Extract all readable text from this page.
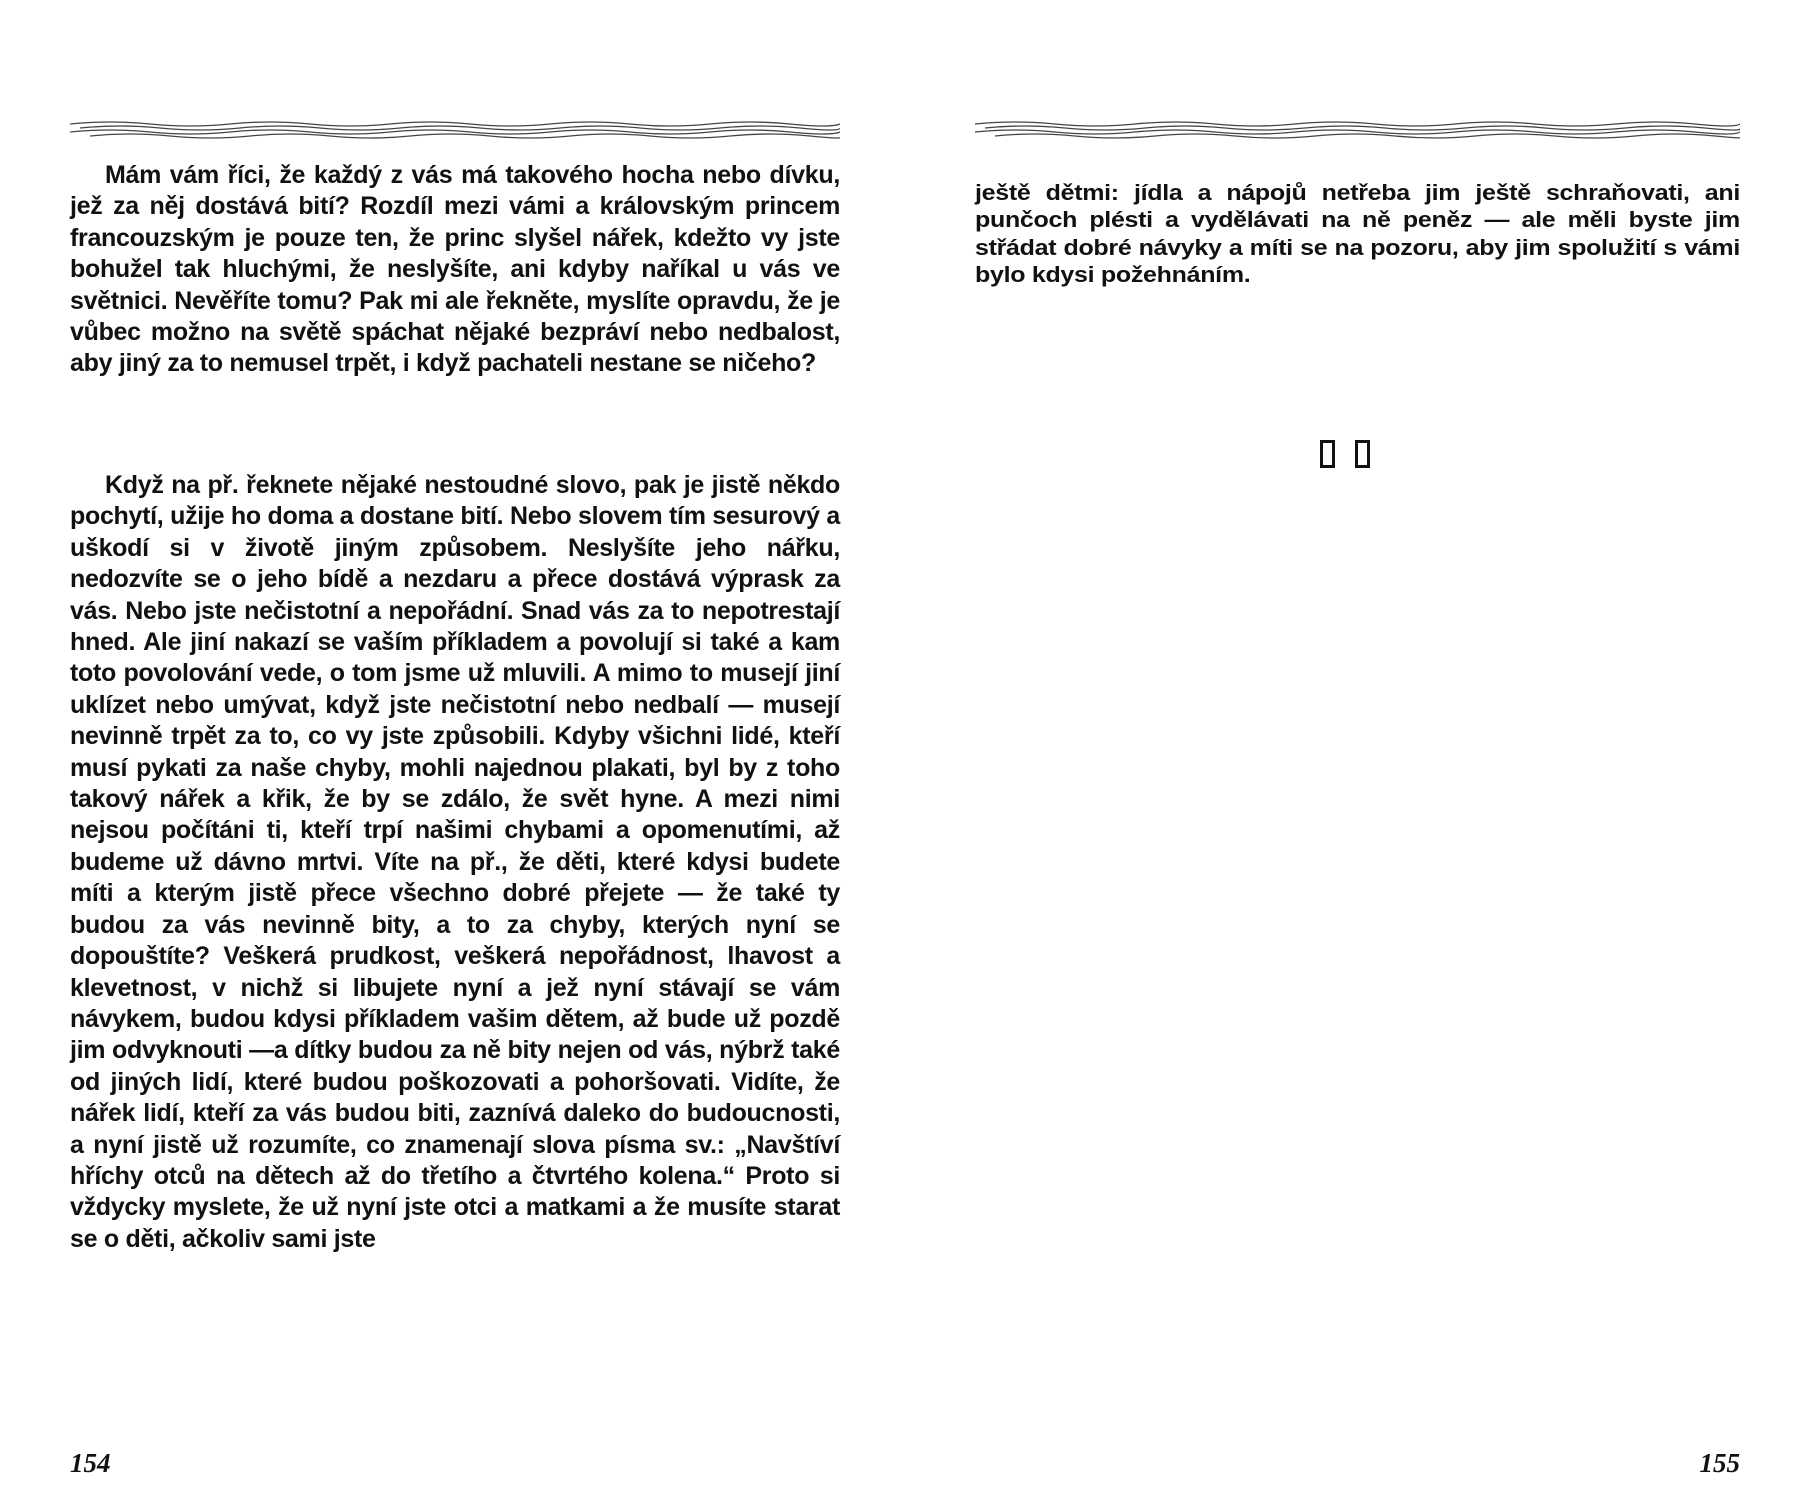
Mám vám říci, že každý z vás má takového hocha nebo dívku, jež za něj dostává bití? Rozdíl mezi vámi a královským princem francouzským je pouze ten, že princ slyšel nářek, kdežto vy jste bohužel tak hluchými, že neslyšíte, ani kdyby naříkal u vás ve světnici. Nevěříte tomu? Pak mi ale řekněte, myslíte opravdu, že je vůbec možno na světě spáchat nějaké bezpráví nebo nedbalost, aby jiný za to nemusel trpět, i když pachateli nestane se ničeho?

Když na př. řeknete nějaké nestoudné slovo, pak je jistě někdo pochytí, užije ho doma a dostane bití. Nebo slovem tím sesurový a uškodí si v životě jiným způsobem. Neslyšíte jeho nářku, nedozvíte se o jeho bídě a nezdaru a přece dostává výprask za vás. Nebo jste nečistotní a nepořádní. Snad vás za to nepotrestají hned. Ale jiní nakazí se vaším příkladem a povolují si také a kam toto povolování vede, o tom jsme už mluvili. A mimo to musejí jiní uklízet nebo umývat, když jste nečistotní nebo nedbalí — musejí nevinně trpět za to, co vy jste způsobili. Kdyby všichni lidé, kteří musí pykati za naše chyby, mohli najednou plakati, byl by z toho takový nářek a křik, že by se zdálo, že svět hyne. A mezi nimi nejsou počítáni ti, kteří trpí našimi chybami a opomenutími, až budeme už dávno mrtvi. Víte na př., že děti, které kdysi budete míti a kterým jistě přece všechno dobré přejete — že také ty budou za vás nevinně bity, a to za chyby, kterých nyní se dopouštíte? Veškerá prudkost, veškerá nepořádnost, lhavost a klevetnost, v nichž si libujete nyní a jež nyní stávají se vám návykem, budou kdysi příkladem vašim dětem, až bude už pozdě jim odvyknouti —a dítky budou za ně bity nejen od vás, nýbrž také od jiných lidí, které budou poškozovati a pohoršovati. Vidíte, že nářek lidí, kteří za vás budou biti, zaznívá daleko do budoucnosti, a nyní jistě už rozumíte, co znamenají slova písma sv.: „Navštíví hříchy otců na dětech až do třetího a čtvrtého kolena.“ Proto si vždycky myslete, že už nyní jste otci a matkami a že musíte starat se o děti, ačkoliv sami jste

154

ještě dětmi: jídla a nápojů netřeba jim ještě schraňovati, ani punčoch plésti a vydělávati na ně peněz — ale měli byste jim střádat dobré návyky a míti se na pozoru, aby jim spolužití s vámi bylo kdysi požehnáním.

155
